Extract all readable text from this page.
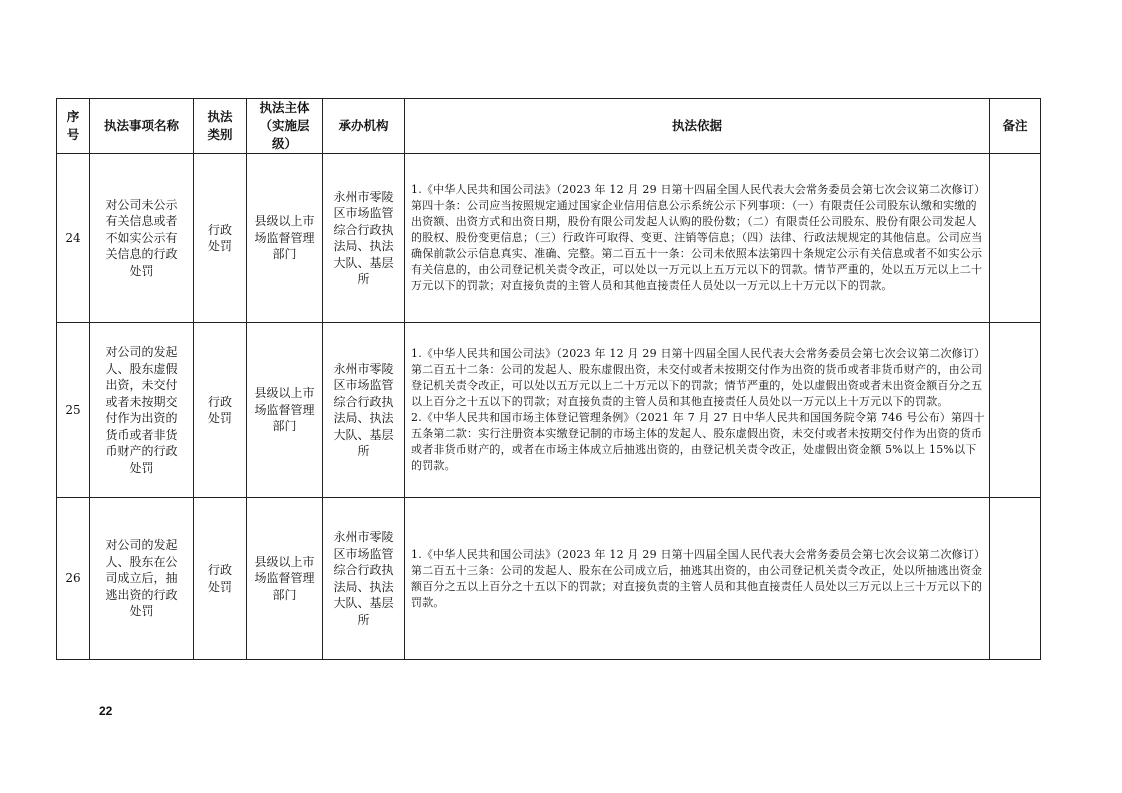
序号	执法事项名称	执法类别	执法主体（实施层级）	承办机构	执法依据	备注
24	对公司未公示有关信息或者不如实公示有关信息的行政处罚	行政处罚	县级以上市场监督管理部门	永州市零陵区市场监管综合行政执法局、执法大队、基层所	1.《中华人民共和国公司法》（2023 年 12 月 29 日第十四届全国人民代表大会常务委员会第七次会议第二次修订）第四十条：公司应当按照规定通过国家企业信用信息公示系统公示下列事项：（一）有限责任公司股东认缴和实缴的出资额、出资方式和出资日期，股份有限公司发起人认购的股份数；（二）有限责任公司股东、股份有限公司发起人的股权、股份变更信息；（三）行政许可取得、变更、注销等信息；（四）法律、行政法规规定的其他信息。公司应当确保前款公示信息真实、准确、完整。第二百五十一条：公司未依照本法第四十条规定公示有关信息或者不如实公示有关信息的，由公司登记机关责令改正，可以处以一万元以上五万元以下的罚款。情节严重的，处以五万元以上二十万元以下的罚款；对直接负责的主管人员和其他直接责任人员处以一万元以上十万元以下的罚款。	

25	对公司的发起人、股东虚假出资，未交付或者未按期交付作为出资的货币或者非货币财产的行政处罚	行政处罚	县级以上市场监督管理部门	永州市零陵区市场监管综合行政执法局、执法大队、基层所	1.《中华人民共和国公司法》（2023 年 12 月 29 日第十四届全国人民代表大会常务委员会第七次会议第二次修订）第二百五十二条：公司的发起人、股东虚假出资，未交付或者未按期交付作为出资的货币或者非货币财产的，由公司登记机关责令改正，可以处以五万元以上二十万元以下的罚款；情节严重的，处以虚假出资或者未出资金额百分之五以上百分之十五以下的罚款；对直接负责的主管人员和其他直接责任人员处以一万元以上十万元以下的罚款。
2.《中华人民共和国市场主体登记管理条例》（2021 年 7 月 27 日中华人民共和国国务院令第 746 号公布）第四十五条第二款：实行注册资本实缴登记制的市场主体的发起人、股东虚假出资，未交付或者未按期交付作为出资的货币或者非货币财产的，或者在市场主体成立后抽逃出资的，由登记机关责令改正，处虚假出资金额 5%以上 15%以下的罚款。	

26	对公司的发起人、股东在公司成立后，抽逃出资的行政处罚	行政处罚	县级以上市场监督管理部门	永州市零陵区市场监管综合行政执法局、执法大队、基层所	1.《中华人民共和国公司法》（2023 年 12 月 29 日第十四届全国人民代表大会常务委员会第七次会议第二次修订）第二百五十三条：公司的发起人、股东在公司成立后，抽逃其出资的，由公司登记机关责令改正，处以所抽逃出资金额百分之五以上百分之十五以下的罚款；对直接负责的主管人员和其他直接责任人员处以三万元以上三十万元以下的罚款。	

22
